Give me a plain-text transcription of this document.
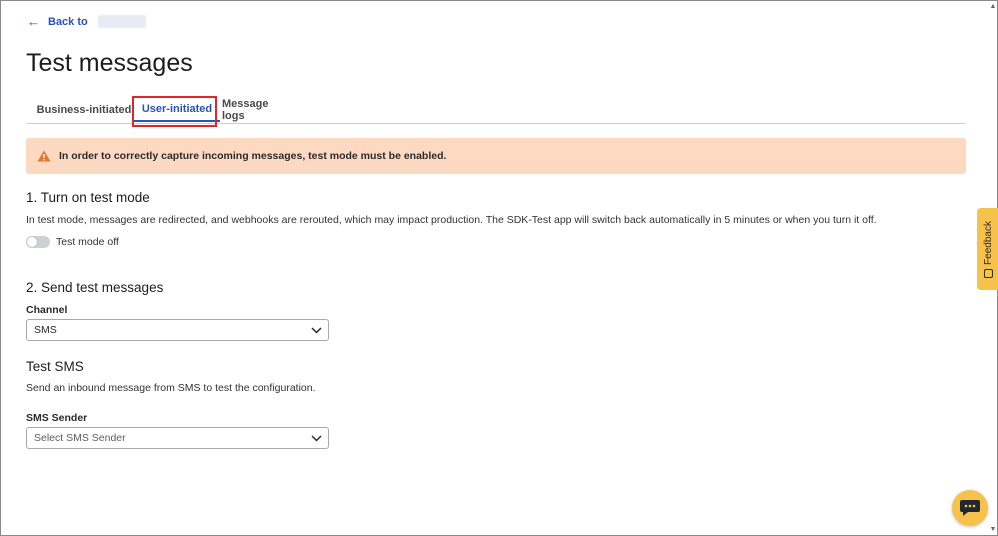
← Back to
Test messages
Business-initiated User-initiated Message logs
In order to correctly capture incoming messages, test mode must be enabled.
1. Turn on test mode
In test mode, messages are redirected, and webhooks are rerouted, which may impact production. The SDK-Test app will switch back automatically in 5 minutes or when you turn it off.
Test mode off
2. Send test messages
Channel
SMS
Test SMS
Send an inbound message from SMS to test the configuration.
SMS Sender
Select SMS Sender
Feedback
▲
▼
